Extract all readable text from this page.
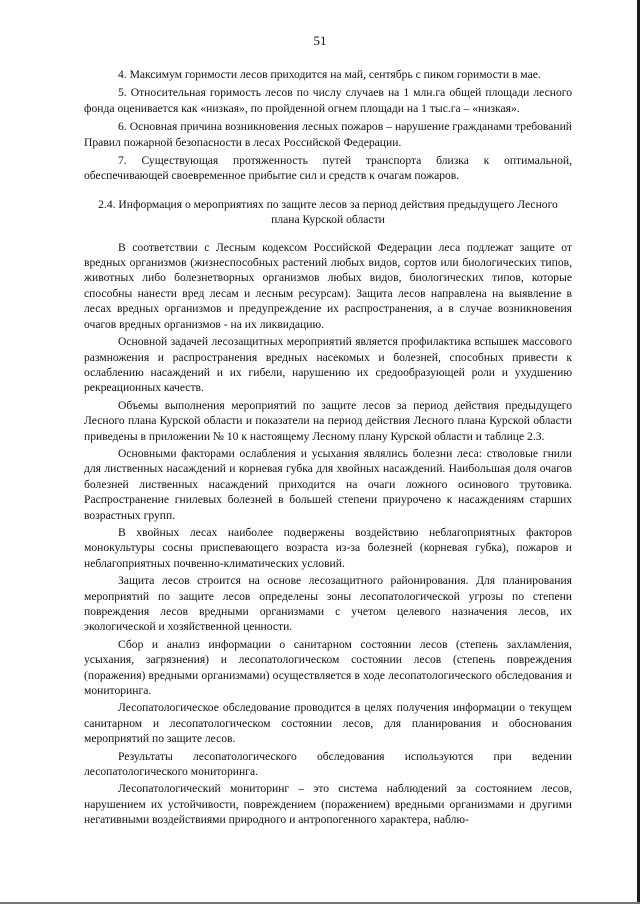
51

4. Максимум горимости лесов приходится на май, сентябрь с пиком горимости в мае.

5. Относительная горимость лесов по числу случаев на 1 млн.га общей площади лесного фонда оценивается как «низкая», по пройденной огнем площади на 1 тыс.га – «низкая».

6. Основная причина возникновения лесных пожаров – нарушение гражданами требований Правил пожарной безопасности в лесах Российской Федерации.

7. Существующая протяженность путей транспорта близка к оптимальной, обеспечивающей своевременное прибытие сил и средств к очагам пожаров.

2.4. Информация о мероприятиях по защите лесов за период действия предыдущего Лесного плана Курской области

В соответствии с Лесным кодексом Российской Федерации леса подлежат защите от вредных организмов (жизнеспособных растений любых видов, сортов или биологических типов, животных либо болезнетворных организмов любых видов, биологических типов, которые способны нанести вред лесам и лесным ресурсам). Защита лесов направлена на выявление в лесах вредных организмов и предупреждение их распространения, а в случае возникновения очагов вредных организмов - на их ликвидацию.

Основной задачей лесозащитных мероприятий является профилактика вспышек массового размножения и распространения вредных насекомых и болезней, способных привести к ослаблению насаждений и их гибели, нарушению их средообразующей роли и ухудшению рекреационных качеств.

Объемы выполнения мероприятий по защите лесов за период действия предыдущего Лесного плана Курской области и показатели на период действия Лесного плана Курской области приведены в приложении № 10 к настоящему Лесному плану Курской области и таблице 2.3.

Основными факторами ослабления и усыхания являлись болезни леса: стволовые гнили для лиственных насаждений и корневая губка для хвойных насаждений. Наибольшая доля очагов болезней лиственных насаждений приходится на очаги ложного осинового трутовика. Распространение гнилевых болезней в большей степени приурочено к насаждениям старших возрастных групп.

В хвойных лесах наиболее подвержены воздействию неблагоприятных факторов монокультуры сосны приспевающего возраста из-за болезней (корневая губка), пожаров и неблагоприятных почвенно-климатических условий.

Защита лесов строится на основе лесозащитного районирования. Для планирования мероприятий по защите лесов определены зоны лесопатологической угрозы по степени повреждения лесов вредными организмами с учетом целевого назначения лесов, их экологической и хозяйственной ценности.

Сбор и анализ информации о санитарном состоянии лесов (степень захламления, усыхания, загрязнения) и лесопатологическом состоянии лесов (степень повреждения (поражения) вредными организмами) осуществляется в ходе лесопатологического обследования и мониторинга.

Лесопатологическое обследование проводится в целях получения информации о текущем санитарном и лесопатологическом состоянии лесов, для планирования и обоснования мероприятий по защите лесов.

Результаты лесопатологического обследования используются при ведении лесопатологического мониторинга.

Лесопатологический мониторинг – это система наблюдений за состоянием лесов, нарушением их устойчивости, повреждением (поражением) вредными организмами и другими негативными воздействиями природного и антропогенного характера, наблю-
